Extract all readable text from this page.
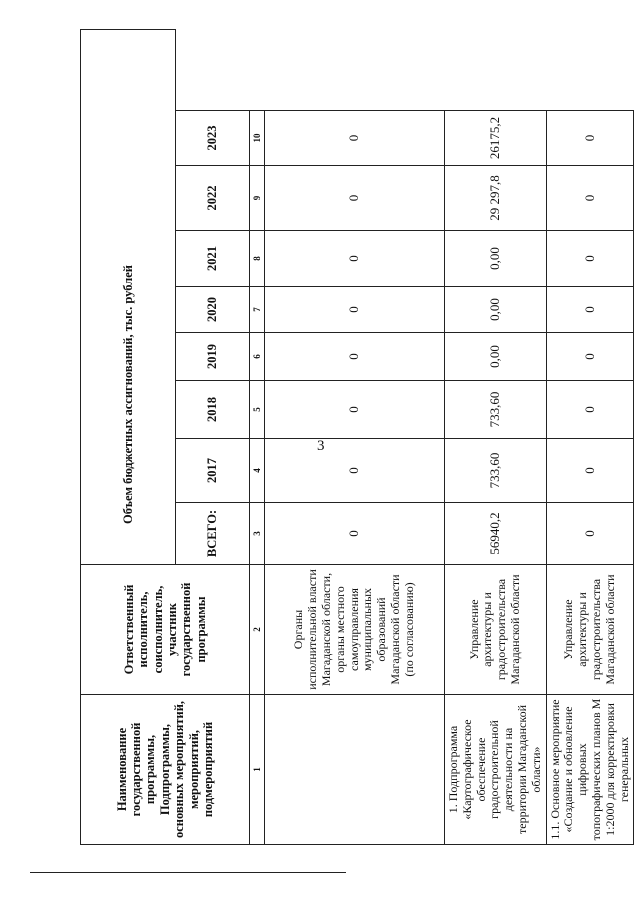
3
Наименование государственной программы, Подпрограммы, основных мероприятий, мероприятий, подмероприятий	Ответственный исполнитель, соисполнитель, участник государственной программы	Объем бюджетных ассигнований, тыс. рублей								
		ВСЕГО:	2017	2018	2019	2020	2021	2022	2023	
1	2	3	4	5	6	7	8	9	10	
	Органы исполнительной власти Магаданской области, органы местного самоуправления муниципальных образований Магаданской области (по согласованию)	0	0	0	0	0	0	0	0	
1. Подпрограмма «Картографическое обеспечение градостроительной деятельности на территории Магаданской области»	Управление архитектуры и градостроительства Магаданской области	56940,2	733,60	733,60	0,00	0,00	0,00	29 297,8	26175,2	
1.1. Основное мероприятие «Создание и обновление цифровых топографических планов М 1:2000 для корректировки генеральных	Управление архитектуры и градостроительства Магаданской области	0	0	0	0	0	0	0	0	
